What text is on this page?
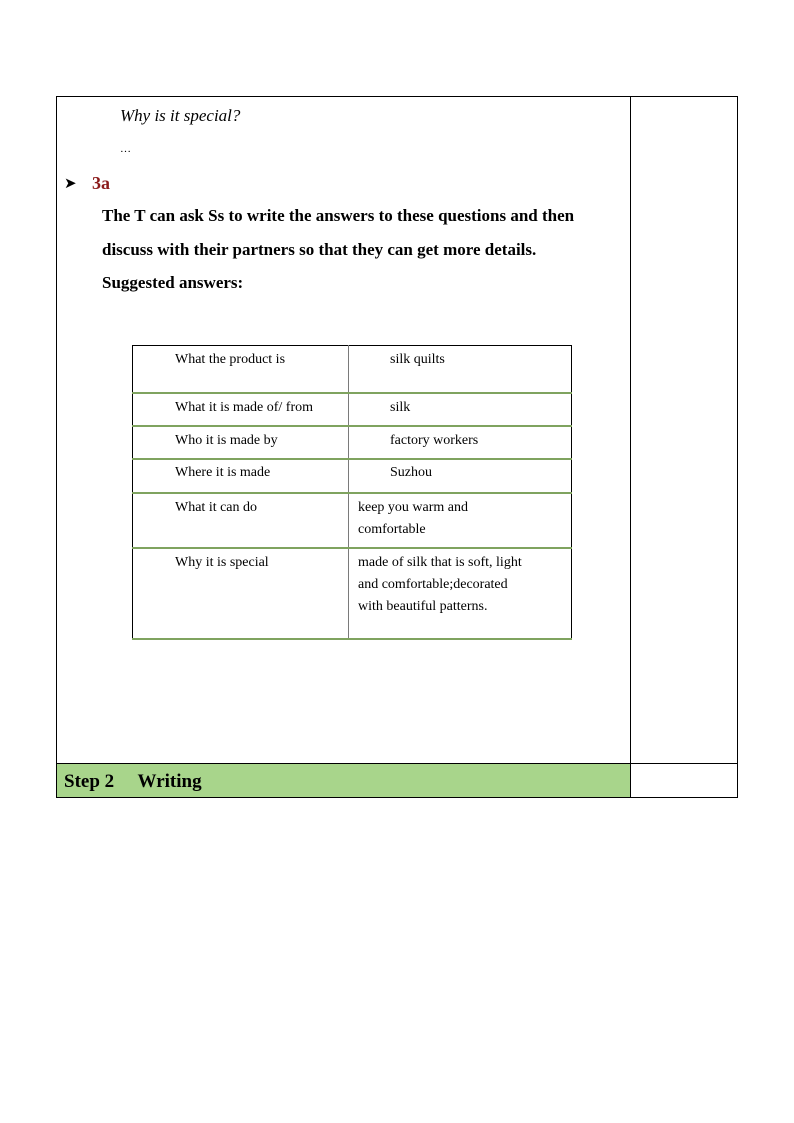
Why is it special?
…
➤ 3a
The T can ask Ss to write the answers to these questions and then
discuss with their partners so that they can get more details.
Suggested answers:
What the product is	silk quilts
What it is made of/ from	silk
Who it is made by	factory workers
Where it is made	Suzhou
What it can do	keep you warm and
comfortable
Why it is special	made of silk that is soft, light
and comfortable;decorated
with beautiful patterns.
Step 2     Writing
